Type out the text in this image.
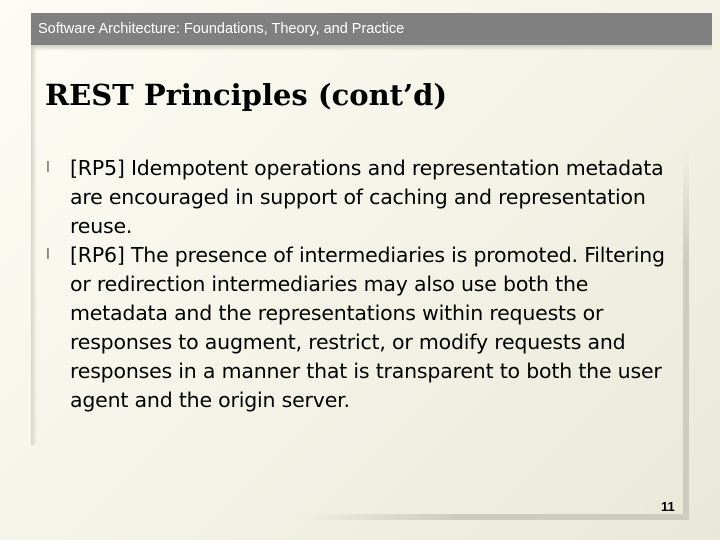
Software Architecture: Foundations, Theory, and Practice
REST Principles (cont’d)
l [RP5] Idempotent operations and representation metadata are encouraged in support of caching and representation reuse.
l [RP6] The presence of intermediaries is promoted. Filtering or redirection intermediaries may also use both the metadata and the representations within requests or responses to augment, restrict, or modify requests and responses in a manner that is transparent to both the user agent and the origin server.
11
